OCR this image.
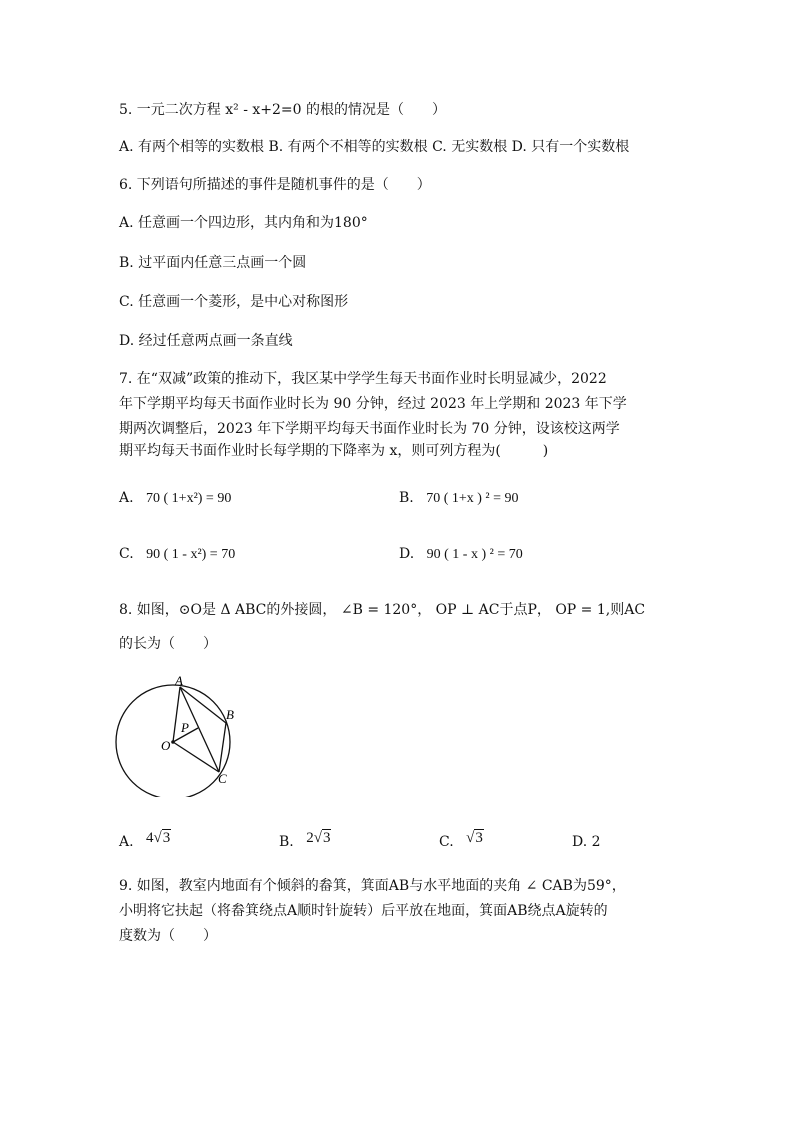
5. 一元二次方程 x² - x+2=0 的根的情况是（　　）
A. 有两个相等的实数根 B. 有两个不相等的实数根 C. 无实数根 D. 只有一个实数根
6. 下列语句所描述的事件是随机事件的是（　　）
A. 任意画一个四边形，其内角和为180°
B. 过平面内任意三点画一个圆
C. 任意画一个菱形，是中心对称图形
D. 经过任意两点画一条直线
7. 在“双减”政策的推动下，我区某中学学生每天书面作业时长明显减少，2022
年下学期平均每天书面作业时长为 90 分钟，经过 2023 年上学期和 2023 年下学
期两次调整后，2023 年下学期平均每天书面作业时长为 70 分钟，设该校这两学
期平均每天书面作业时长每学期的下降率为 x，则可列方程为(　　　)
A. 70 ( 1+x²) = 90	B. 70 ( 1+x ) ² = 90
C. 90 ( 1 - x²) = 70	D. 90 ( 1 - x ) ² = 70
8. 如图，⊙O是 Δ ABC的外接圆， ∠B = 120°， OP ⊥ AC于点P， OP = 1,则AC
的长为（　　）
A
B
C
O
P
A. 4√3	B. 2√3	C. √3	D. 2
9. 如图，教室内地面有个倾斜的畚箕，箕面AB与水平地面的夹角 ∠ CAB为59°，
小明将它扶起（将畚箕绕点A顺时针旋转）后平放在地面，箕面AB绕点A旋转的
度数为（　　）
